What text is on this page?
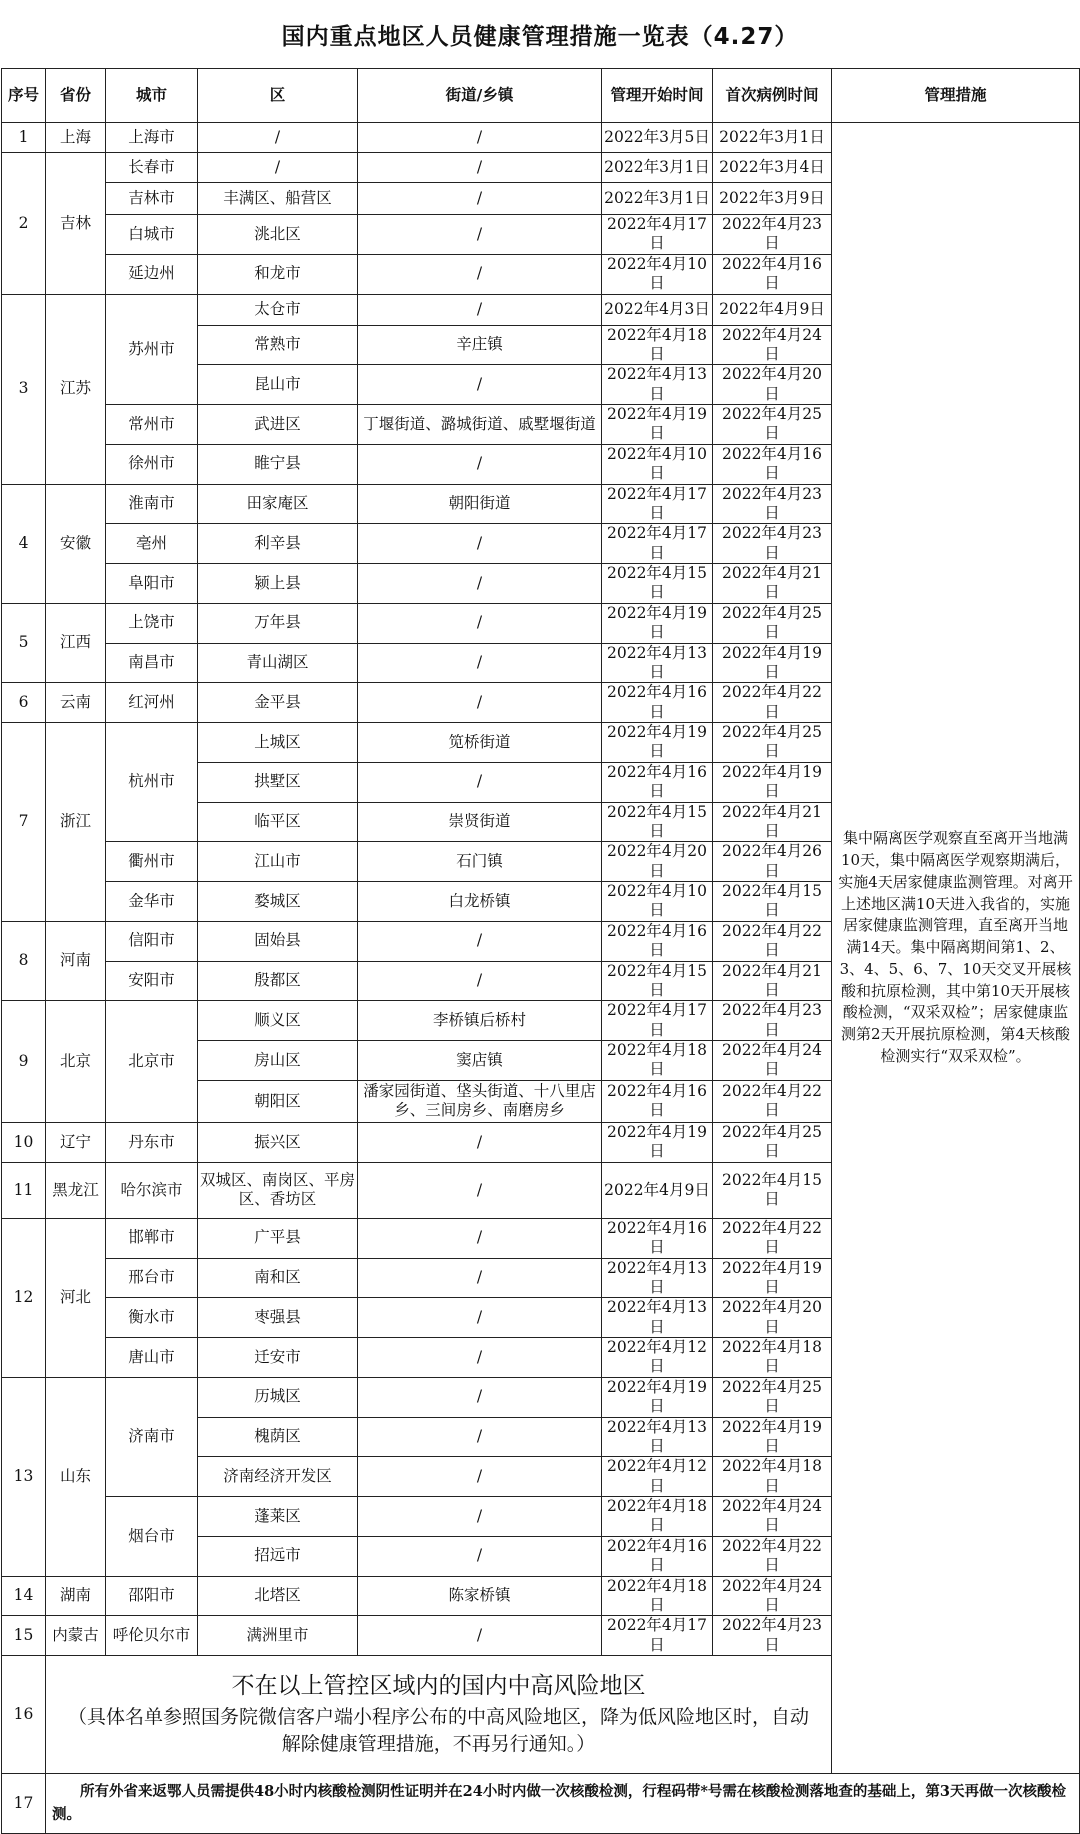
国内重点地区人员健康管理措施一览表（4.27）
序号	省份	城市	区	街道/乡镇	管理开始时间	首次病例时间	管理措施
1	上海	上海市	/	/	2022年3月5日	2022年3月1日	集中隔离医学观察直至离开当地满10天，集中隔离医学观察期满后，实施4天居家健康监测管理。对离开上述地区满10天进入我省的，实施居家健康监测管理，直至离开当地满14天。集中隔离期间第1、2、3、4、5、6、7、10天交叉开展核酸和抗原检测，其中第10天开展核酸检测，“双采双检”；居家健康监测第2天开展抗原检测，第4天核酸检测实行“双采双检”。
2	吉林	长春市	/	/	2022年3月1日	2022年3月4日	
		吉林市	丰满区、船营区	/	2022年3月1日	2022年3月9日	
		白城市	洮北区	/	2022年4月17日	2022年4月23日	
		延边州	和龙市	/	2022年4月10日	2022年4月16日	
3	江苏	苏州市	太仓市	/	2022年4月3日	2022年4月9日	
			常熟市	辛庄镇	2022年4月18日	2022年4月24日	
			昆山市	/	2022年4月13日	2022年4月20日	
		常州市	武进区	丁堰街道、潞城街道、戚墅堰街道	2022年4月19日	2022年4月25日	
		徐州市	睢宁县	/	2022年4月10日	2022年4月16日	
4	安徽	淮南市	田家庵区	朝阳街道	2022年4月17日	2022年4月23日	
		亳州	利辛县	/	2022年4月17日	2022年4月23日	
		阜阳市	颍上县	/	2022年4月15日	2022年4月21日	
5	江西	上饶市	万年县	/	2022年4月19日	2022年4月25日	
		南昌市	青山湖区	/	2022年4月13日	2022年4月19日	
6	云南	红河州	金平县	/	2022年4月16日	2022年4月22日	
7	浙江	杭州市	上城区	笕桥街道	2022年4月19日	2022年4月25日	
			拱墅区	/	2022年4月16日	2022年4月19日	
			临平区	崇贤街道	2022年4月15日	2022年4月21日	
		衢州市	江山市	石门镇	2022年4月20日	2022年4月26日	
		金华市	婺城区	白龙桥镇	2022年4月10日	2022年4月15日	
8	河南	信阳市	固始县	/	2022年4月16日	2022年4月22日	
		安阳市	殷都区	/	2022年4月15日	2022年4月21日	
9	北京	北京市	顺义区	李桥镇后桥村	2022年4月17日	2022年4月23日	
			房山区	窦店镇	2022年4月18日	2022年4月24日	
			朝阳区	潘家园街道、垡头街道、十八里店乡、三间房乡、南磨房乡	2022年4月16日	2022年4月22日	
10	辽宁	丹东市	振兴区	/	2022年4月19日	2022年4月25日	
11	黑龙江	哈尔滨市	双城区、南岗区、平房区、香坊区	/	2022年4月9日	2022年4月15日	
12	河北	邯郸市	广平县	/	2022年4月16日	2022年4月22日	
		邢台市	南和区	/	2022年4月13日	2022年4月19日	
		衡水市	枣强县	/	2022年4月13日	2022年4月20日	
		唐山市	迁安市	/	2022年4月12日	2022年4月18日	
13	山东	济南市	历城区	/	2022年4月19日	2022年4月25日	
			槐荫区	/	2022年4月13日	2022年4月19日	
			济南经济开发区	/	2022年4月12日	2022年4月18日	
		烟台市	蓬莱区	/	2022年4月18日	2022年4月24日	
			招远市	/	2022年4月16日	2022年4月22日	
14	湖南	邵阳市	北塔区	陈家桥镇	2022年4月18日	2022年4月24日	
15	内蒙古	呼伦贝尔市	满洲里市	/	2022年4月17日	2022年4月23日	
16	不在以上管控区域内的国内中高风险地区
（具体名单参照国务院微信客户端小程序公布的中高风险地区，降为低风险地区时，自动解除健康管理措施，不再另行通知。）						

17	所有外省来返鄂人员需提供48小时内核酸检测阴性证明并在24小时内做一次核酸检测，行程码带*号需在核酸检测落地查的基础上，第3天再做一次核酸检测。						
